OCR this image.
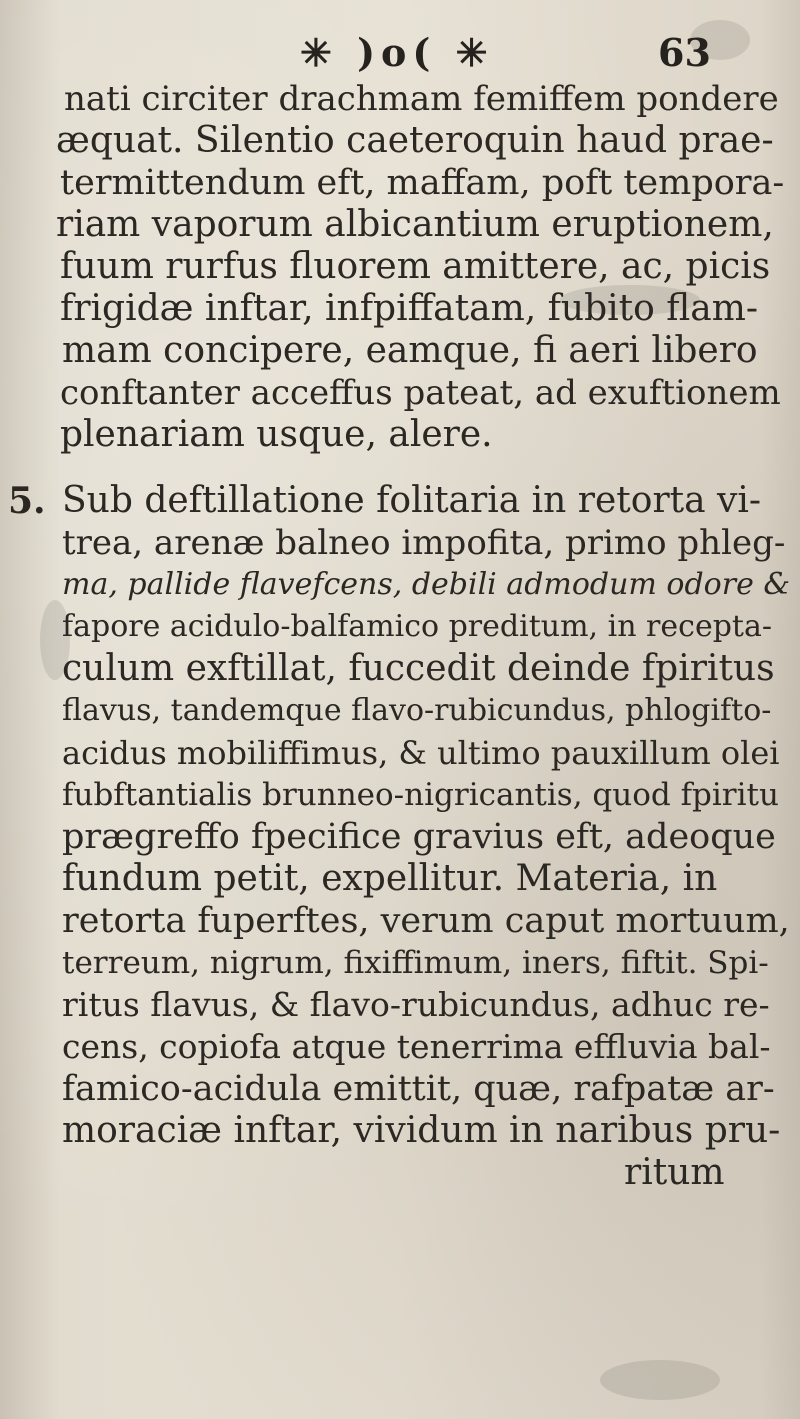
✳ )o( ✳	63
nati circiter drachmam femiffem pondere
æquat. Silentio caeteroquin haud prae-
termittendum eft, maffam, poft tempora-
riam vaporum albicantium eruptionem,
fuum rurfus fluorem amittere, ac, picis
frigidæ inftar, infpiffatam, fubito flam-
mam concipere, eamque, fi aeri libero
conftanter acceffus pateat, ad exuftionem
plenariam usque, alere.
5. Sub deftillatione folitaria in retorta vi-
trea, arenæ balneo impofita, primo phleg-
ma, pallide flavefcens, debili admodum odore &
fapore acidulo-balfamico preditum, in recepta-
culum exftillat, fuccedit deinde fpiritus
flavus, tandemque flavo-rubicundus, phlogifto-
acidus mobiliffimus, & ultimo pauxillum olei
fubftantialis brunneo-nigricantis, quod fpiritu
prægreffo fpecifice gravius eft, adeoque
fundum petit, expellitur. Materia, in
retorta fuperftes, verum caput mortuum,
terreum, nigrum, fixiffimum, iners, fiftit. Spi-
ritus flavus, & flavo-rubicundus, adhuc re-
cens, copiofa atque tenerrima effluvia bal-
famico-acidula emittit, quæ, rafpatæ ar-
moraciæ inftar, vividum in naribus pru-
ritum
